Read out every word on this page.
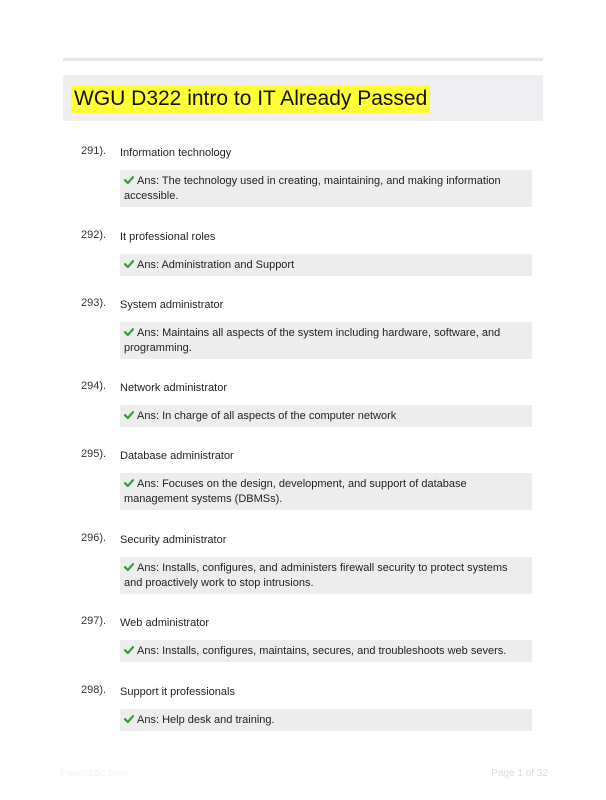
WGU D322 intro to IT Already Passed
291). Information technology
Ans: The technology used in creating, maintaining, and making information accessible.
292). It professional roles
Ans: Administration and Support
293). System administrator
Ans: Maintains all aspects of the system including hardware, software, and programming.
294). Network administrator
Ans: In charge of all aspects of the computer network
295). Database administrator
Ans: Focuses on the design, development, and support of database management systems (DBMSs).
296). Security administrator
Ans: Installs, configures, and administers firewall security to protect systems and proactively work to stop intrusions.
297). Web administrator
Ans: Installs, configures, maintains, secures, and troubleshoots web severs.
298). Support it professionals
Ans: Help desk and training.
Papertbbc.com	Page 1 of 32
